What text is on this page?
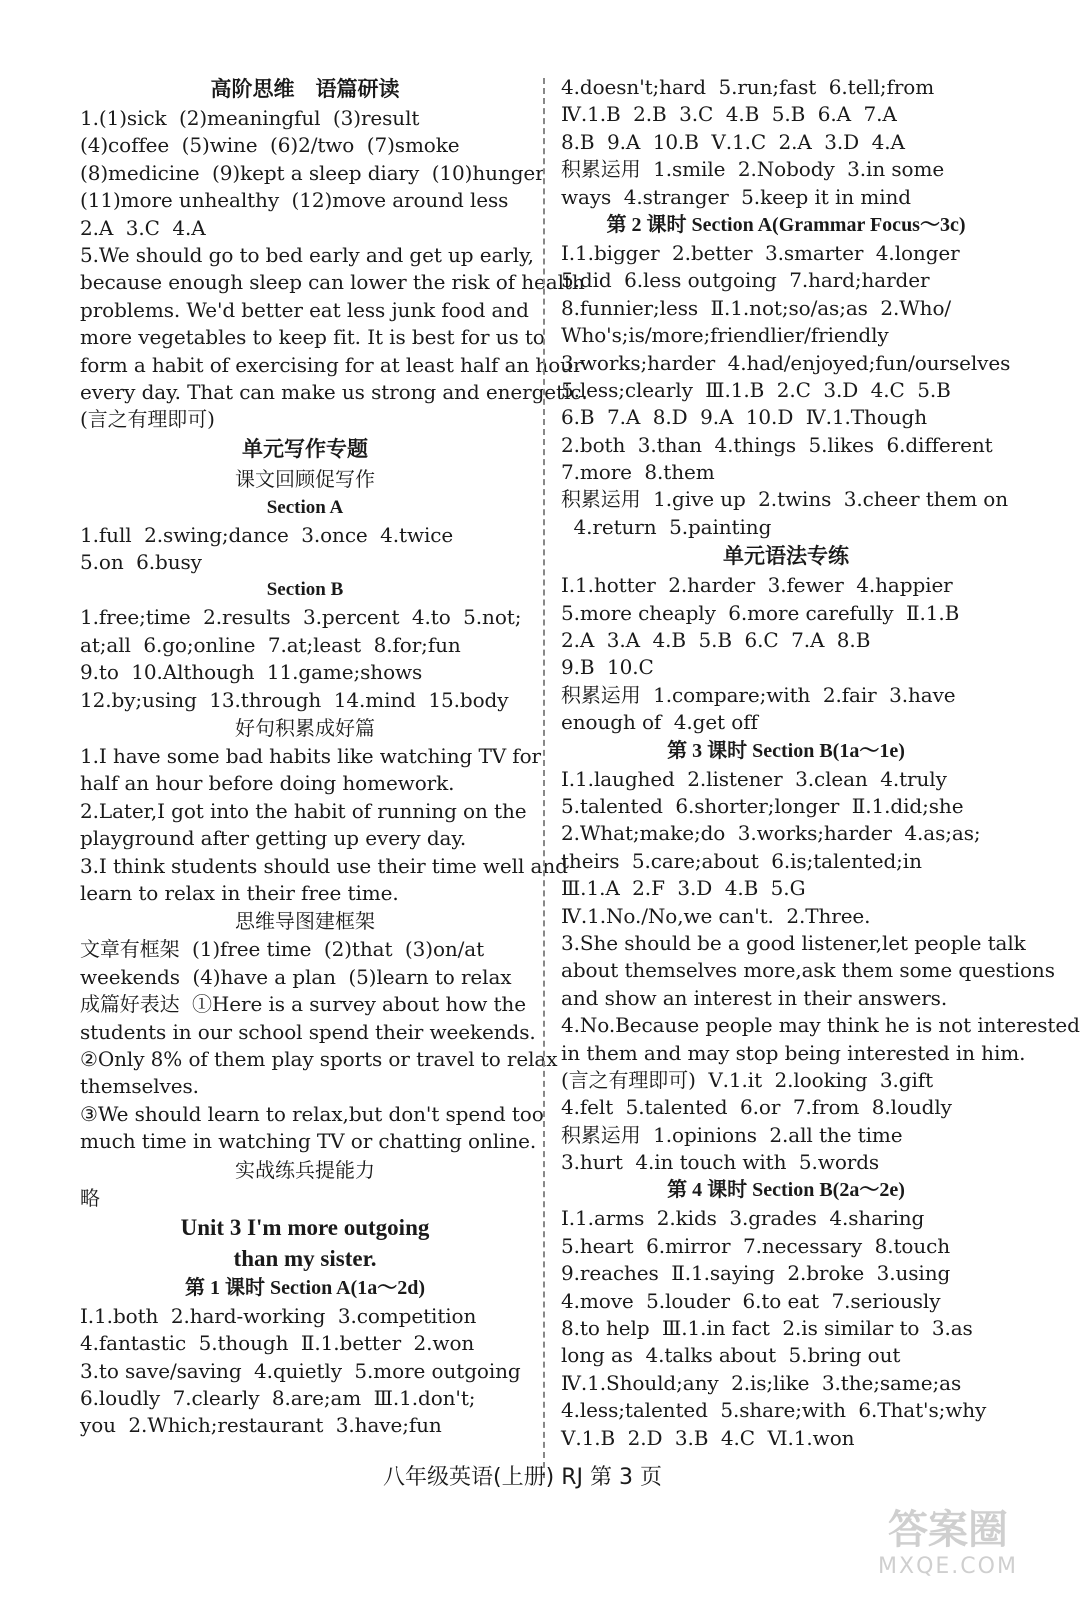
高阶思维　语篇研读
1.(1)sick  (2)meaningful  (3)result
(4)coffee  (5)wine  (6)2/two  (7)smoke
(8)medicine  (9)kept a sleep diary  (10)hunger
(11)more unhealthy  (12)move around less
2.A  3.C  4.A
5.We should go to bed early and get up early,
because enough sleep can lower the risk of health
problems. We'd better eat less junk food and
more vegetables to keep fit. It is best for us to
form a habit of exercising for at least half an hour
every day. That can make us strong and energetic.
(言之有理即可)
单元写作专题
课文回顾促写作
Section A
1.full  2.swing;dance  3.once  4.twice
5.on  6.busy
Section B
1.free;time  2.results  3.percent  4.to  5.not;
at;all  6.go;online  7.at;least  8.for;fun
9.to  10.Although  11.game;shows
12.by;using  13.through  14.mind  15.body
好句积累成好篇
1.I have some bad habits like watching TV for
half an hour before doing homework.
2.Later,I got into the habit of running on the
playground after getting up every day.
3.I think students should use their time well and
learn to relax in their free time.
思维导图建框架
文章有框架  (1)free time  (2)that  (3)on/at
weekends  (4)have a plan  (5)learn to relax
成篇好表达  ①Here is a survey about how the
students in our school spend their weekends.
②Only 8% of them play sports or travel to relax
themselves.
③We should learn to relax,but don't spend too
much time in watching TV or chatting online.
实战练兵提能力
略
Unit 3 I'm more outgoing
than my sister.
第 1 课时 Section A(1a～2d)
Ⅰ.1.both  2.hard-working  3.competition
4.fantastic  5.though  Ⅱ.1.better  2.won
3.to save/saving  4.quietly  5.more outgoing
6.loudly  7.clearly  8.are;am  Ⅲ.1.don't;
you  2.Which;restaurant  3.have;fun
4.doesn't;hard  5.run;fast  6.tell;from
Ⅳ.1.B  2.B  3.C  4.B  5.B  6.A  7.A
8.B  9.A  10.B  Ⅴ.1.C  2.A  3.D  4.A
积累运用  1.smile  2.Nobody  3.in some
ways  4.stranger  5.keep it in mind
第 2 课时 Section A(Grammar Focus～3c)
Ⅰ.1.bigger  2.better  3.smarter  4.longer
5.did  6.less outgoing  7.hard;harder
8.funnier;less  Ⅱ.1.not;so/as;as  2.Who/
Who's;is/more;friendlier/friendly
3.works;harder  4.had/enjoyed;fun/ourselves
5.less;clearly  Ⅲ.1.B  2.C  3.D  4.C  5.B
6.B  7.A  8.D  9.A  10.D  Ⅳ.1.Though
2.both  3.than  4.things  5.likes  6.different
7.more  8.them
积累运用  1.give up  2.twins  3.cheer them on
4.return  5.painting
单元语法专练
Ⅰ.1.hotter  2.harder  3.fewer  4.happier
5.more cheaply  6.more carefully  Ⅱ.1.B
2.A  3.A  4.B  5.B  6.C  7.A  8.B
9.B  10.C
积累运用  1.compare;with  2.fair  3.have
enough of  4.get off
第 3 课时 Section B(1a～1e)
Ⅰ.1.laughed  2.listener  3.clean  4.truly
5.talented  6.shorter;longer  Ⅱ.1.did;she
2.What;make;do  3.works;harder  4.as;as;
theirs  5.care;about  6.is;talented;in
Ⅲ.1.A  2.F  3.D  4.B  5.G
Ⅳ.1.No./No,we can't.  2.Three.
3.She should be a good listener,let people talk
about themselves more,ask them some questions
and show an interest in their answers.
4.No.Because people may think he is not interested
in them and may stop being interested in him.
(言之有理即可)  Ⅴ.1.it  2.looking  3.gift
4.felt  5.talented  6.or  7.from  8.loudly
积累运用  1.opinions  2.all the time
3.hurt  4.in touch with  5.words
第 4 课时 Section B(2a～2e)
Ⅰ.1.arms  2.kids  3.grades  4.sharing
5.heart  6.mirror  7.necessary  8.touch
9.reaches  Ⅱ.1.saying  2.broke  3.using
4.move  5.louder  6.to eat  7.seriously
8.to help  Ⅲ.1.in fact  2.is similar to  3.as
long as  4.talks about  5.bring out
Ⅳ.1.Should;any  2.is;like  3.the;same;as
4.less;talented  5.share;with  6.That's;why
Ⅴ.1.B  2.D  3.B  4.C  Ⅵ.1.won
八年级英语(上册) RJ 第 3 页
答案圈
MXQE.COM
